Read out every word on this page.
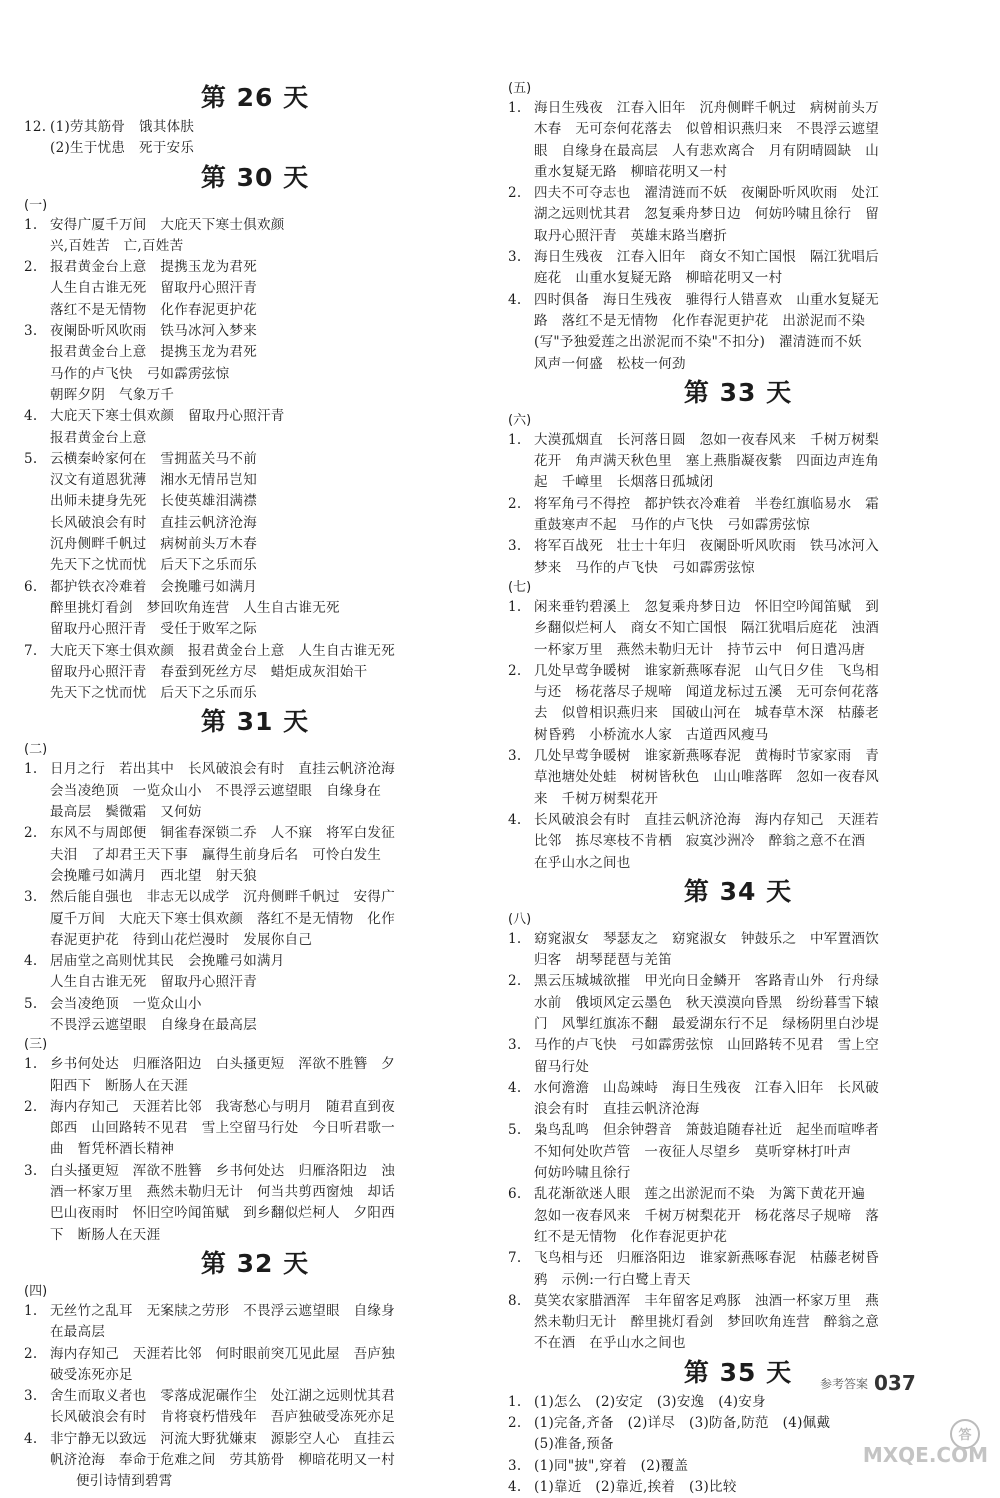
第 26 天
12. (1)劳其筋骨　饿其体肤
(2)生于忧患　死于安乐
第 30 天
(一)
1. 安得广厦千万间　大庇天下寒士俱欢颜
兴,百姓苦　亡,百姓苦
2. 报君黄金台上意　提携玉龙为君死
人生自古谁无死　留取丹心照汗青
落红不是无情物　化作春泥更护花
3. 夜阑卧听风吹雨　铁马冰河入梦来
报君黄金台上意　提携玉龙为君死
马作的卢飞快　弓如霹雳弦惊
朝晖夕阴　气象万千
4. 大庇天下寒士俱欢颜　留取丹心照汗青
报君黄金台上意
5. 云横秦岭家何在　雪拥蓝关马不前
汉文有道恩犹薄　湘水无情吊岂知
出师未捷身先死　长使英雄泪满襟
长风破浪会有时　直挂云帆济沧海
沉舟侧畔千帆过　病树前头万木春
先天下之忧而忧　后天下之乐而乐
6. 都护铁衣冷难着　会挽雕弓如满月
醉里挑灯看剑　梦回吹角连营　人生自古谁无死
留取丹心照汗青　受任于败军之际
7. 大庇天下寒士俱欢颜　报君黄金台上意　人生自古谁无死
留取丹心照汗青　春蚕到死丝方尽　蜡炬成灰泪始干
先天下之忧而忧　后天下之乐而乐
第 31 天
(二)
1. 日月之行　若出其中　长风破浪会有时　直挂云帆济沧海
会当凌绝顶　一览众山小　不畏浮云遮望眼　自缘身在
最高层　鬓微霜　又何妨
2. 东风不与周郎便　铜雀春深锁二乔　人不寐　将军白发征
夫泪　了却君王天下事　赢得生前身后名　可怜白发生
会挽雕弓如满月　西北望　射天狼
3. 然后能自强也　非志无以成学　沉舟侧畔千帆过　安得广
厦千万间　大庇天下寒士俱欢颜　落红不是无情物　化作
春泥更护花　待到山花烂漫时　发展你自己
4. 居庙堂之高则忧其民　会挽雕弓如满月
人生自古谁无死　留取丹心照汗青
5. 会当凌绝顶　一览众山小
不畏浮云遮望眼　自缘身在最高层
(三)
1. 乡书何处达　归雁洛阳边　白头搔更短　浑欲不胜簪　夕
阳西下　断肠人在天涯
2. 海内存知己　天涯若比邻　我寄愁心与明月　随君直到夜
郎西　山回路转不见君　雪上空留马行处　今日听君歌一
曲　暂凭杯酒长精神
3. 白头搔更短　浑欲不胜簪　乡书何处达　归雁洛阳边　浊
酒一杯家万里　燕然未勒归无计　何当共剪西窗烛　却话
巴山夜雨时　怀旧空吟闻笛赋　到乡翻似烂柯人　夕阳西
下　断肠人在天涯
第 32 天
(四)
1. 无丝竹之乱耳　无案牍之劳形　不畏浮云遮望眼　自缘身
在最高层
2. 海内存知己　天涯若比邻　何时眼前突兀见此屋　吾庐独
破受冻死亦足
3. 舍生而取义者也　零落成泥碾作尘　处江湖之远则忧其君
长风破浪会有时　肯将衰朽惜残年　吾庐独破受冻死亦足
4. 非宁静无以致远　河流大野犹嫌束　源影空人心　直挂云
帆济沧海　奉命于危难之间　劳其筋骨　柳暗花明又一村
便引诗情到碧霄
(五)
1. 海日生残夜　江春入旧年　沉舟侧畔千帆过　病树前头万
木春　无可奈何花落去　似曾相识燕归来　不畏浮云遮望
眼　自缘身在最高层　人有悲欢离合　月有阴晴圆缺　山
重水复疑无路　柳暗花明又一村
2. 四夫不可夺志也　濯清涟而不妖　夜阑卧听风吹雨　处江
湖之远则忧其君　忽复乘舟梦日边　何妨吟啸且徐行　留
取丹心照汗青　英雄末路当磨折
3. 海日生残夜　江春入旧年　商女不知亡国恨　隔江犹唱后
庭花　山重水复疑无路　柳暗花明又一村
4. 四时俱备　海日生残夜　骓得行人错喜欢　山重水复疑无
路　落红不是无情物　化作春泥更护花　出淤泥而不染
(写"予独爱莲之出淤泥而不染"不扣分)　濯清涟而不妖
风声一何盛　松枝一何劲
第 33 天
(六)
1. 大漠孤烟直　长河落日圆　忽如一夜春风来　千树万树梨
花开　角声满天秋色里　塞上燕脂凝夜紫　四面边声连角
起　千嶂里　长烟落日孤城闭
2. 将军角弓不得控　都护铁衣冷难着　半卷红旗临易水　霜
重鼓寒声不起　马作的卢飞快　弓如霹雳弦惊
3. 将军百战死　壮士十年归　夜阑卧听风吹雨　铁马冰河入
梦来　马作的卢飞快　弓如霹雳弦惊
(七)
1. 闲来垂钓碧溪上　忽复乘舟梦日边　怀旧空吟闻笛赋　到
乡翻似烂柯人　商女不知亡国恨　隔江犹唱后庭花　浊酒
一杯家万里　燕然未勒归无计　持节云中　何日遣冯唐
2. 几处早莺争暖树　谁家新燕啄春泥　山气日夕佳　飞鸟相
与还　杨花落尽子规啼　闻道龙标过五溪　无可奈何花落
去　似曾相识燕归来　国破山河在　城春草木深　枯藤老
树昏鸦　小桥流水人家　古道西风瘦马
3. 几处早莺争暖树　谁家新燕啄春泥　黄梅时节家家雨　青
草池塘处处蛙　树树皆秋色　山山唯落晖　忽如一夜春风
来　千树万树梨花开
4. 长风破浪会有时　直挂云帆济沧海　海内存知己　天涯若
比邻　拣尽寒枝不肯栖　寂寞沙洲冷　醉翁之意不在酒
在乎山水之间也
第 34 天
(八)
1. 窈窕淑女　琴瑟友之　窈窕淑女　钟鼓乐之　中军置酒饮
归客　胡琴琵琶与羌笛
2. 黑云压城城欲摧　甲光向日金鳞开　客路青山外　行舟绿
水前　俄顷风定云墨色　秋天漠漠向昏黑　纷纷暮雪下辕
门　风掣红旗冻不翻　最爱湖东行不足　绿杨阴里白沙堤
3. 马作的卢飞快　弓如霹雳弦惊　山回路转不见君　雪上空
留马行处
4. 水何澹澹　山岛竦峙　海日生残夜　江春入旧年　长风破
浪会有时　直挂云帆济沧海
5. 枭鸟乱鸣　但余钟磬音　箫鼓追随春社近　起坐而喧哗者
不知何处吹芦管　一夜征人尽望乡　莫听穿林打叶声
何妨吟啸且徐行
6. 乱花渐欲迷人眼　莲之出淤泥而不染　为篱下黄花开遍
忽如一夜春风来　千树万树梨花开　杨花落尽子规啼　落
红不是无情物　化作春泥更护花
7. 飞鸟相与还　归雁洛阳边　谁家新燕啄春泥　枯藤老树昏
鸦　示例:一行白鹭上青天
8. 莫笑农家腊酒浑　丰年留客足鸡豚　浊酒一杯家万里　燕
然未勒归无计　醉里挑灯看剑　梦回吹角连营　醉翁之意
不在酒　在乎山水之间也
第 35 天
1. (1)怎么　(2)安定　(3)安逸　(4)安身
2. (1)完备,齐备　(2)详尽　(3)防备,防范　(4)佩戴
(5)准备,预备
3. (1)同"披",穿着　(2)覆盖
4. (1)靠近　(2)靠近,挨着　(3)比较
参考答案 037
答
MXQE.COM
